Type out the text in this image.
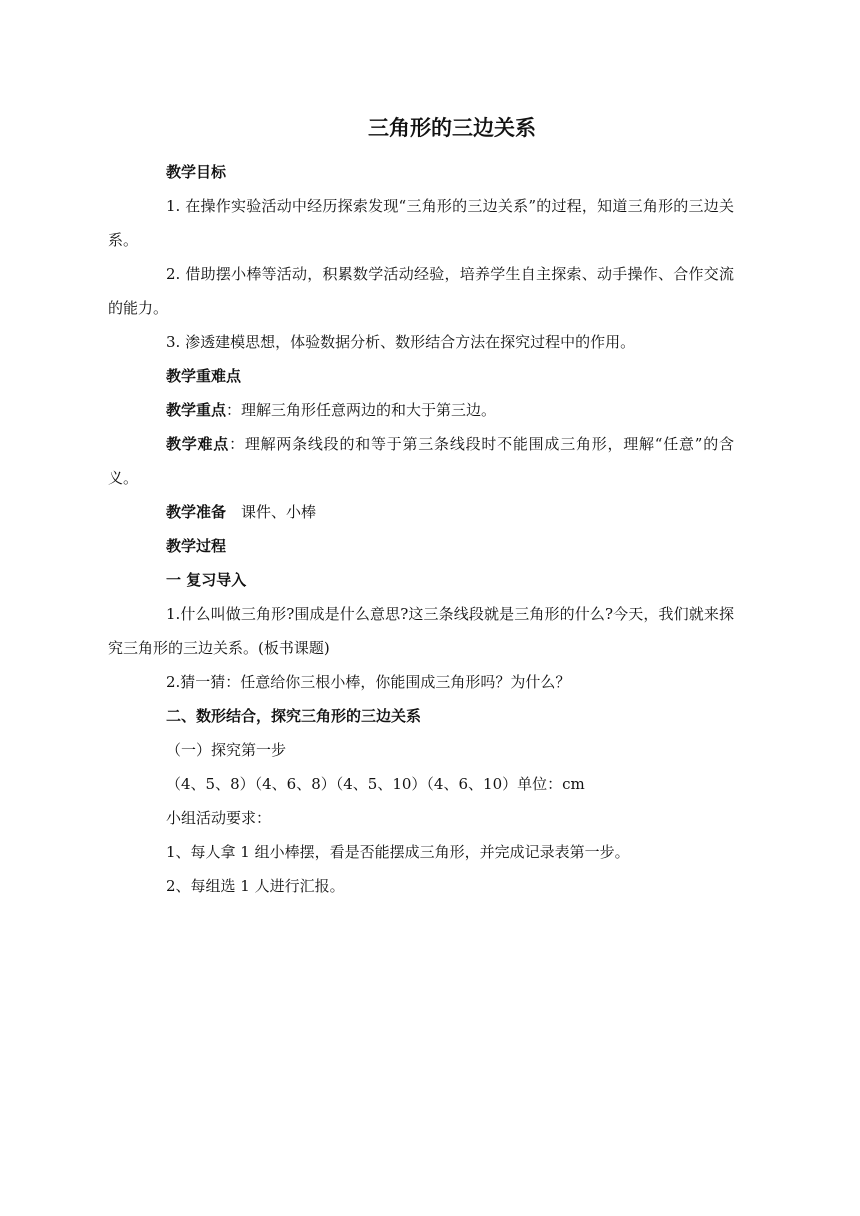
三角形的三边关系

教学目标

1. 在操作实验活动中经历探索发现“三角形的三边关系”的过程，知道三角形的三边关系。

2. 借助摆小棒等活动，积累数学活动经验，培养学生自主探索、动手操作、合作交流的能力。

3. 渗透建模思想，体验数据分析、数形结合方法在探究过程中的作用。

教学重难点

教学重点：理解三角形任意两边的和大于第三边。

教学难点：理解两条线段的和等于第三条线段时不能围成三角形，理解“任意”的含义。

教学准备　课件、小棒

教学过程

一 复习导入

1.什么叫做三角形?围成是什么意思?这三条线段就是三角形的什么?今天，我们就来探究三角形的三边关系。(板书课题)

2.猜一猜：任意给你三根小棒，你能围成三角形吗？为什么？

二、数形结合，探究三角形的三边关系

（一）探究第一步

（4、5、8）（4、6、8）（4、5、10）（4、6、10）单位：cm

小组活动要求：

1、每人拿 1 组小棒摆，看是否能摆成三角形，并完成记录表第一步。

2、每组选 1 人进行汇报。
